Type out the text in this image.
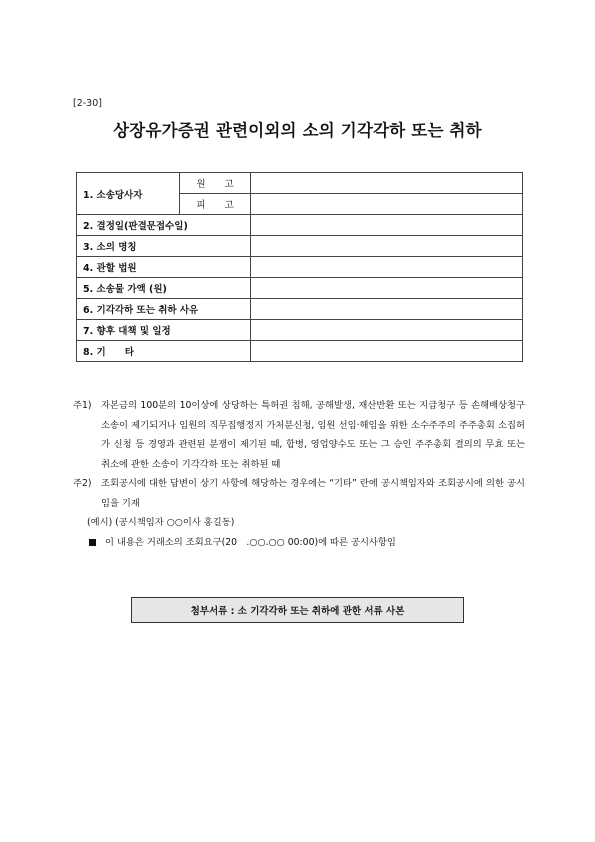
[2-30]
상장유가증권 관련이외의 소의 기각각하 또는 취하
1. 소송당사자	원 고	
	피 고	
2. 결정일(판결문접수일)		
3. 소의 명칭		
4. 관할 법원		
5. 소송물 가액 (원)		
6. 기각각하 또는 취하 사유		
7. 향후 대책 및 일정		
8. 기　　타		
주1)	자본금의 100분의 10이상에 상당하는 특허권 침해, 공해발생, 재산반환 또는 지급청구 등 손해배상청구소송이 제기되거나 임원의 직무집행정지 가처분신청, 임원 선임·해임을 위한 소수주주의 주주총회 소집허가 신청 등 경영과 관련된 분쟁이 제기된 때, 합병, 영업양수도 또는 그 승인 주주총회 결의의 무효 또는 취소에 관한 소송이 기각각하 또는 취하된 때
주2)	조회공시에 대한 답변이 상기 사항에 해당하는 경우에는 “기타” 란에 공시책임자와 조회공시에 의한 공시임을 기재

(예시) (공시책임자 ○○이사 홍길동)

이 내용은 거래소의 조회요구(20　.○○.○○ 00:00)에 따른 공시사항임

첨부서류 : 소 기각각하 또는 취하에 관한 서류 사본
